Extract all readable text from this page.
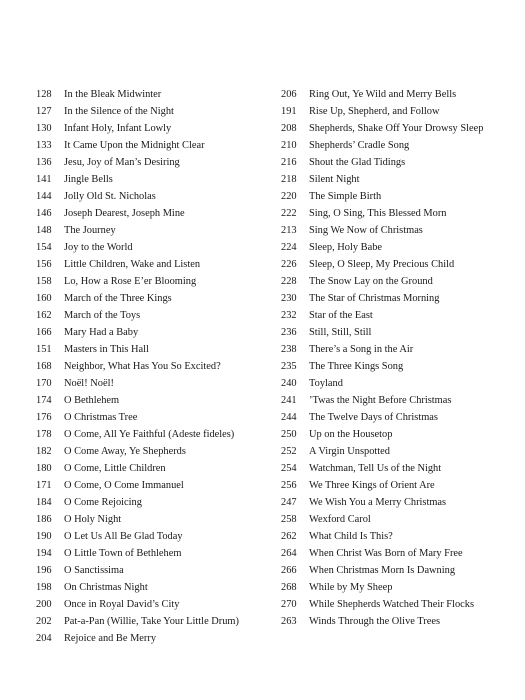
128	In the Bleak Midwinter
127	In the Silence of the Night
130	Infant Holy, Infant Lowly
133	It Came Upon the Midnight Clear
136	Jesu, Joy of Man’s Desiring
141	Jingle Bells
144	Jolly Old St. Nicholas
146	Joseph Dearest, Joseph Mine
148	The Journey
154	Joy to the World
156	Little Children, Wake and Listen
158	Lo, How a Rose E’er Blooming
160	March of the Three Kings
162	March of the Toys
166	Mary Had a Baby
151	Masters in This Hall
168	Neighbor, What Has You So Excited?
170	Noël! Noël!
174	O Bethlehem
176	O Christmas Tree
178	O Come, All Ye Faithful (Adeste fideles)
182	O Come Away, Ye Shepherds
180	O Come, Little Children
171	O Come, O Come Immanuel
184	O Come Rejoicing
186	O Holy Night
190	O Let Us All Be Glad Today
194	O Little Town of Bethlehem
196	O Sanctissima
198	On Christmas Night
200	Once in Royal David’s City
202	Pat-a-Pan (Willie, Take Your Little Drum)
204	Rejoice and Be Merry
206	Ring Out, Ye Wild and Merry Bells
191	Rise Up, Shepherd, and Follow
208	Shepherds, Shake Off Your Drowsy Sleep
210	Shepherds’ Cradle Song
216	Shout the Glad Tidings
218	Silent Night
220	The Simple Birth
222	Sing, O Sing, This Blessed Morn
213	Sing We Now of Christmas
224	Sleep, Holy Babe
226	Sleep, O Sleep, My Precious Child
228	The Snow Lay on the Ground
230	The Star of Christmas Morning
232	Star of the East
236	Still, Still, Still
238	There’s a Song in the Air
235	The Three Kings Song
240	Toyland
241	’Twas the Night Before Christmas
244	The Twelve Days of Christmas
250	Up on the Housetop
252	A Virgin Unspotted
254	Watchman, Tell Us of the Night
256	We Three Kings of Orient Are
247	We Wish You a Merry Christmas
258	Wexford Carol
262	What Child Is This?
264	When Christ Was Born of Mary Free
266	When Christmas Morn Is Dawning
268	While by My Sheep
270	While Shepherds Watched Their Flocks
263	Winds Through the Olive Trees
